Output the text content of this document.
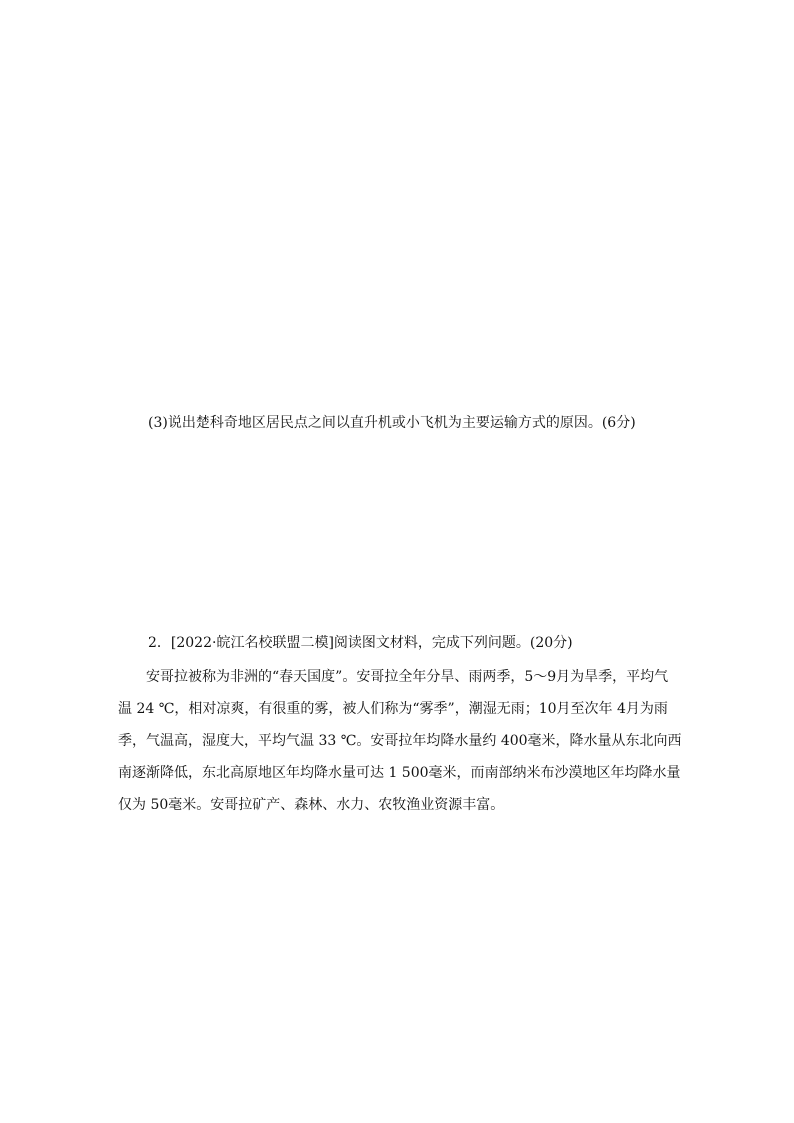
(3)说出楚科奇地区居民点之间以直升机或小飞机为主要运输方式的原因。(6分)
2．[2022·皖江名校联盟二模]阅读图文材料，完成下列问题。(20分)
安哥拉被称为非洲的“春天国度”。安哥拉全年分旱、雨两季，5～9月为旱季，平均气
温 24 ℃，相对凉爽，有很重的雾，被人们称为“雾季”，潮湿无雨；10月至次年 4月为雨
季，气温高，湿度大，平均气温 33 ℃。安哥拉年均降水量约 400毫米，降水量从东北向西
南逐渐降低，东北高原地区年均降水量可达 1 500毫米，而南部纳米布沙漠地区年均降水量
仅为 50毫米。安哥拉矿产、森林、水力、农牧渔业资源丰富。
